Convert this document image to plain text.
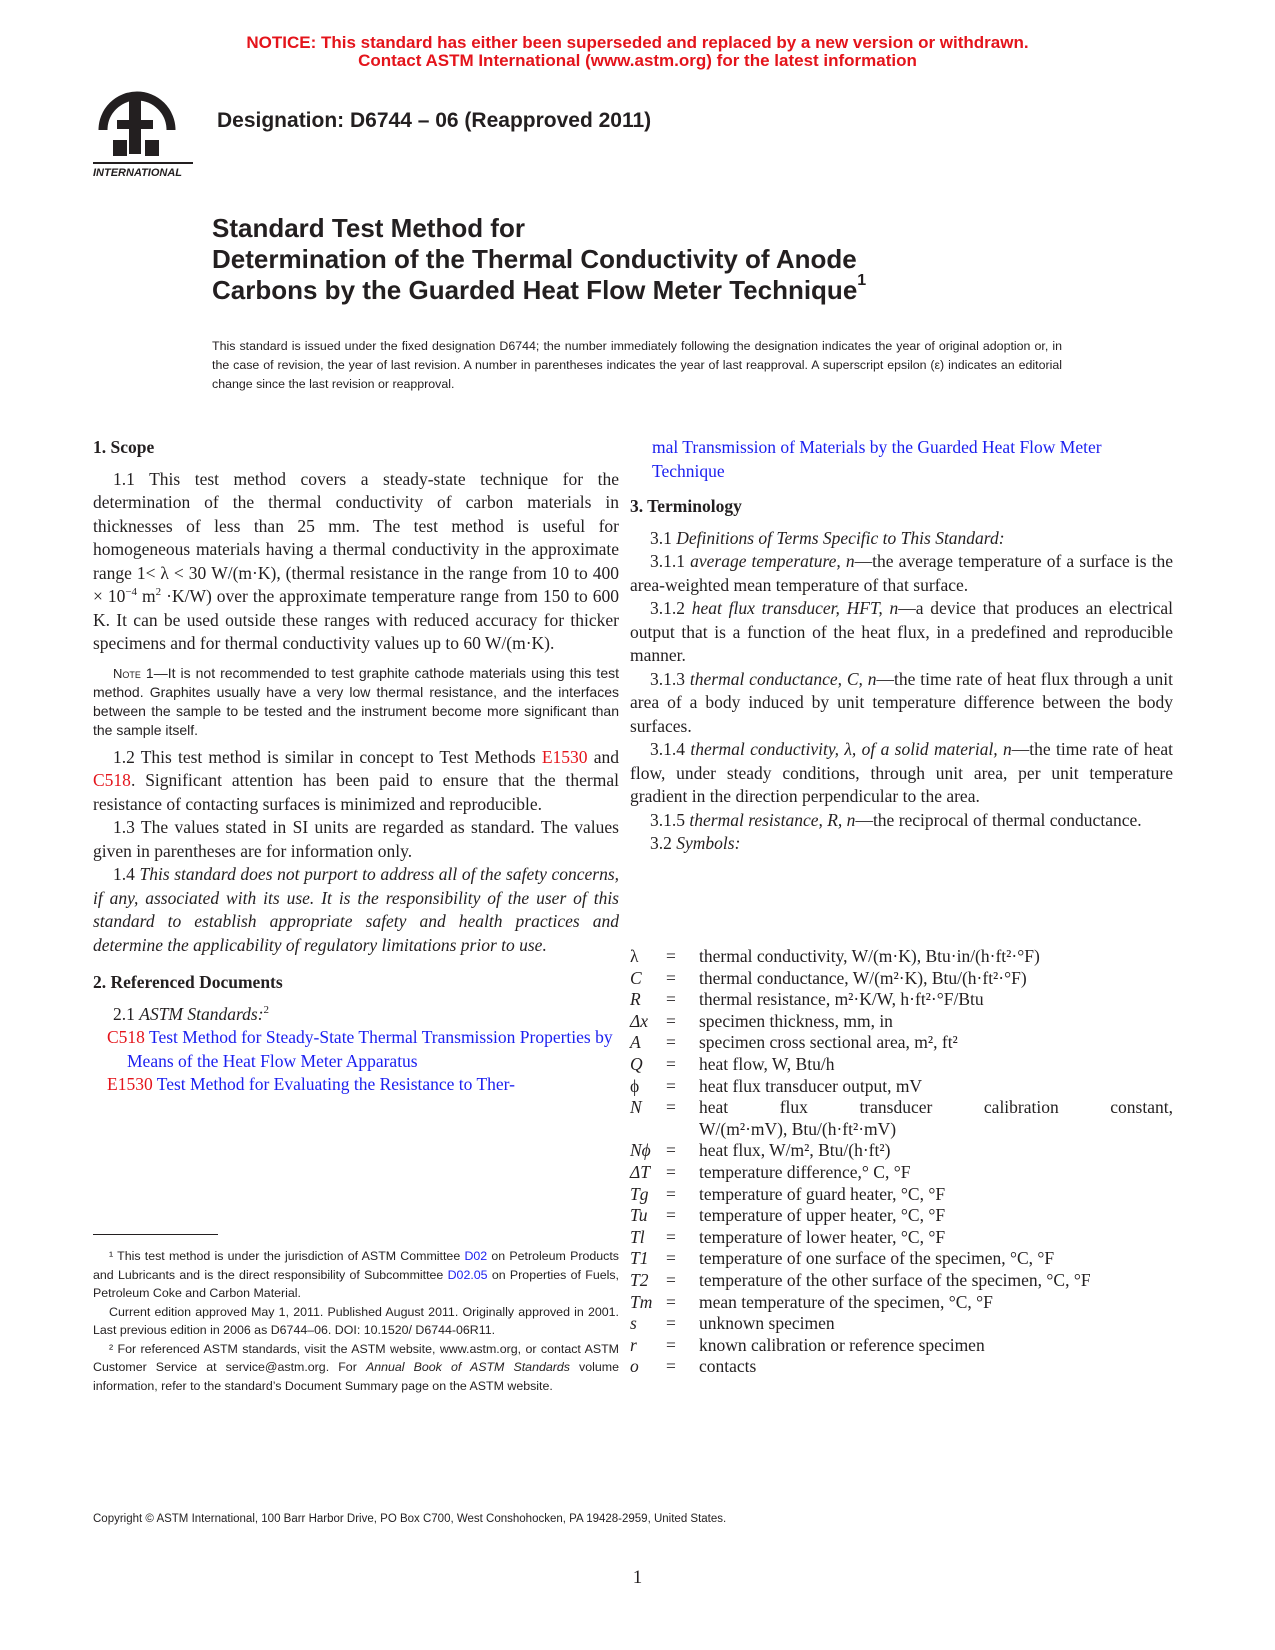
NOTICE: This standard has either been superseded and replaced by a new version or withdrawn.
Contact ASTM International (www.astm.org) for the latest information
INTERNATIONAL
Designation: D6744 – 06 (Reapproved 2011)
Standard Test Method for
Determination of the Thermal Conductivity of Anode
Carbons by the Guarded Heat Flow Meter Technique$^1$
This standard is issued under the fixed designation D6744; the number immediately following the designation indicates the year of original adoption or, in the case of revision, the year of last revision. A number in parentheses indicates the year of last reapproval. A superscript epsilon (ε) indicates an editorial change since the last revision or reapproval.

1. Scope

1.1 This test method covers a steady-state technique for the determination of the thermal conductivity of carbon materials in thicknesses of less than 25 mm. The test method is useful for homogeneous materials having a thermal conductivity in the approximate range 1< λ < 30 W/(m·K), (thermal resistance in the range from 10 to $400 \times 10^{-4}$ $m^2 \cdot K/W$) over the approximate temperature range from 150 to 600 K. It can be used outside these ranges with reduced accuracy for thicker specimens and for thermal conductivity values up to 60 W/(m·K).

Note 1—It is not recommended to test graphite cathode materials using this test method. Graphites usually have a very low thermal resistance, and the interfaces between the sample to be tested and the instrument become more significant than the sample itself.

1.2 This test method is similar in concept to Test Methods E1530 and C518. Significant attention has been paid to ensure that the thermal resistance of contacting surfaces is minimized and reproducible.

1.3 The values stated in SI units are regarded as standard. The values given in parentheses are for information only.

1.4 This standard does not purport to address all of the safety concerns, if any, associated with its use. It is the responsibility of the user of this standard to establish appropriate safety and health practices and determine the applicability of regulatory limitations prior to use.

2. Referenced Documents

2.1 ASTM Standards:$^2$

C518 Test Method for Steady-State Thermal Transmission Properties by Means of the Heat Flow Meter Apparatus

E1530 Test Method for Evaluating the Resistance to Ther-

¹ This test method is under the jurisdiction of ASTM Committee D02 on Petroleum Products and Lubricants and is the direct responsibility of Subcommittee D02.05 on Properties of Fuels, Petroleum Coke and Carbon Material.

Current edition approved May 1, 2011. Published August 2011. Originally approved in 2001. Last previous edition in 2006 as D6744–06. DOI: 10.1520/ D6744-06R11.

² For referenced ASTM standards, visit the ASTM website, www.astm.org, or contact ASTM Customer Service at service@astm.org. For Annual Book of ASTM Standards volume information, refer to the standard’s Document Summary page on the ASTM website.

mal Transmission of Materials by the Guarded Heat Flow Meter Technique

3. Terminology

3.1 Definitions of Terms Specific to This Standard:

3.1.1 average temperature, n—the average temperature of a surface is the area-weighted mean temperature of that surface.

3.1.2 heat flux transducer, HFT, n—a device that produces an electrical output that is a function of the heat flux, in a predefined and reproducible manner.

3.1.3 thermal conductance, C, n—the time rate of heat flux through a unit area of a body induced by unit temperature difference between the body surfaces.

3.1.4 thermal conductivity, λ, of a solid material, n—the time rate of heat flow, under steady conditions, through unit area, per unit temperature gradient in the direction perpendicular to the area.

3.1.5 thermal resistance, R, n—the reciprocal of thermal conductance.

3.2 Symbols:

λ	=	thermal conductivity, W/(m·K), Btu·in/(h·ft²·°F)
C	=	thermal conductance, W/(m²·K), Btu/(h·ft²·°F)
R	=	thermal resistance, m²·K/W, h·ft²·°F/Btu
Δx	=	specimen thickness, mm, in
A	=	specimen cross sectional area, m², ft²
Q	=	heat flow, W, Btu/h
ϕ	=	heat flux transducer output, mV
N	=	heat flux transducer calibration constant,
W/(m²·mV), Btu/(h·ft²·mV)
Nϕ =	heat flux, W/m², Btu/(h·ft²)
ΔT =	temperature difference,° C, °F
Tg	=	temperature of guard heater, °C, °F
Tu	=	temperature of upper heater, °C, °F
Tl	=	temperature of lower heater, °C, °F
T1	=	temperature of one surface of the specimen, °C, °F
T2	=	temperature of the other surface of the specimen, °C, °F
Tm =	mean temperature of the specimen, °C, °F
s	=	unknown specimen
r	=	known calibration or reference specimen
o	=	contacts
Copyright © ASTM International, 100 Barr Harbor Drive, PO Box C700, West Conshohocken, PA 19428-2959, United States.
1
